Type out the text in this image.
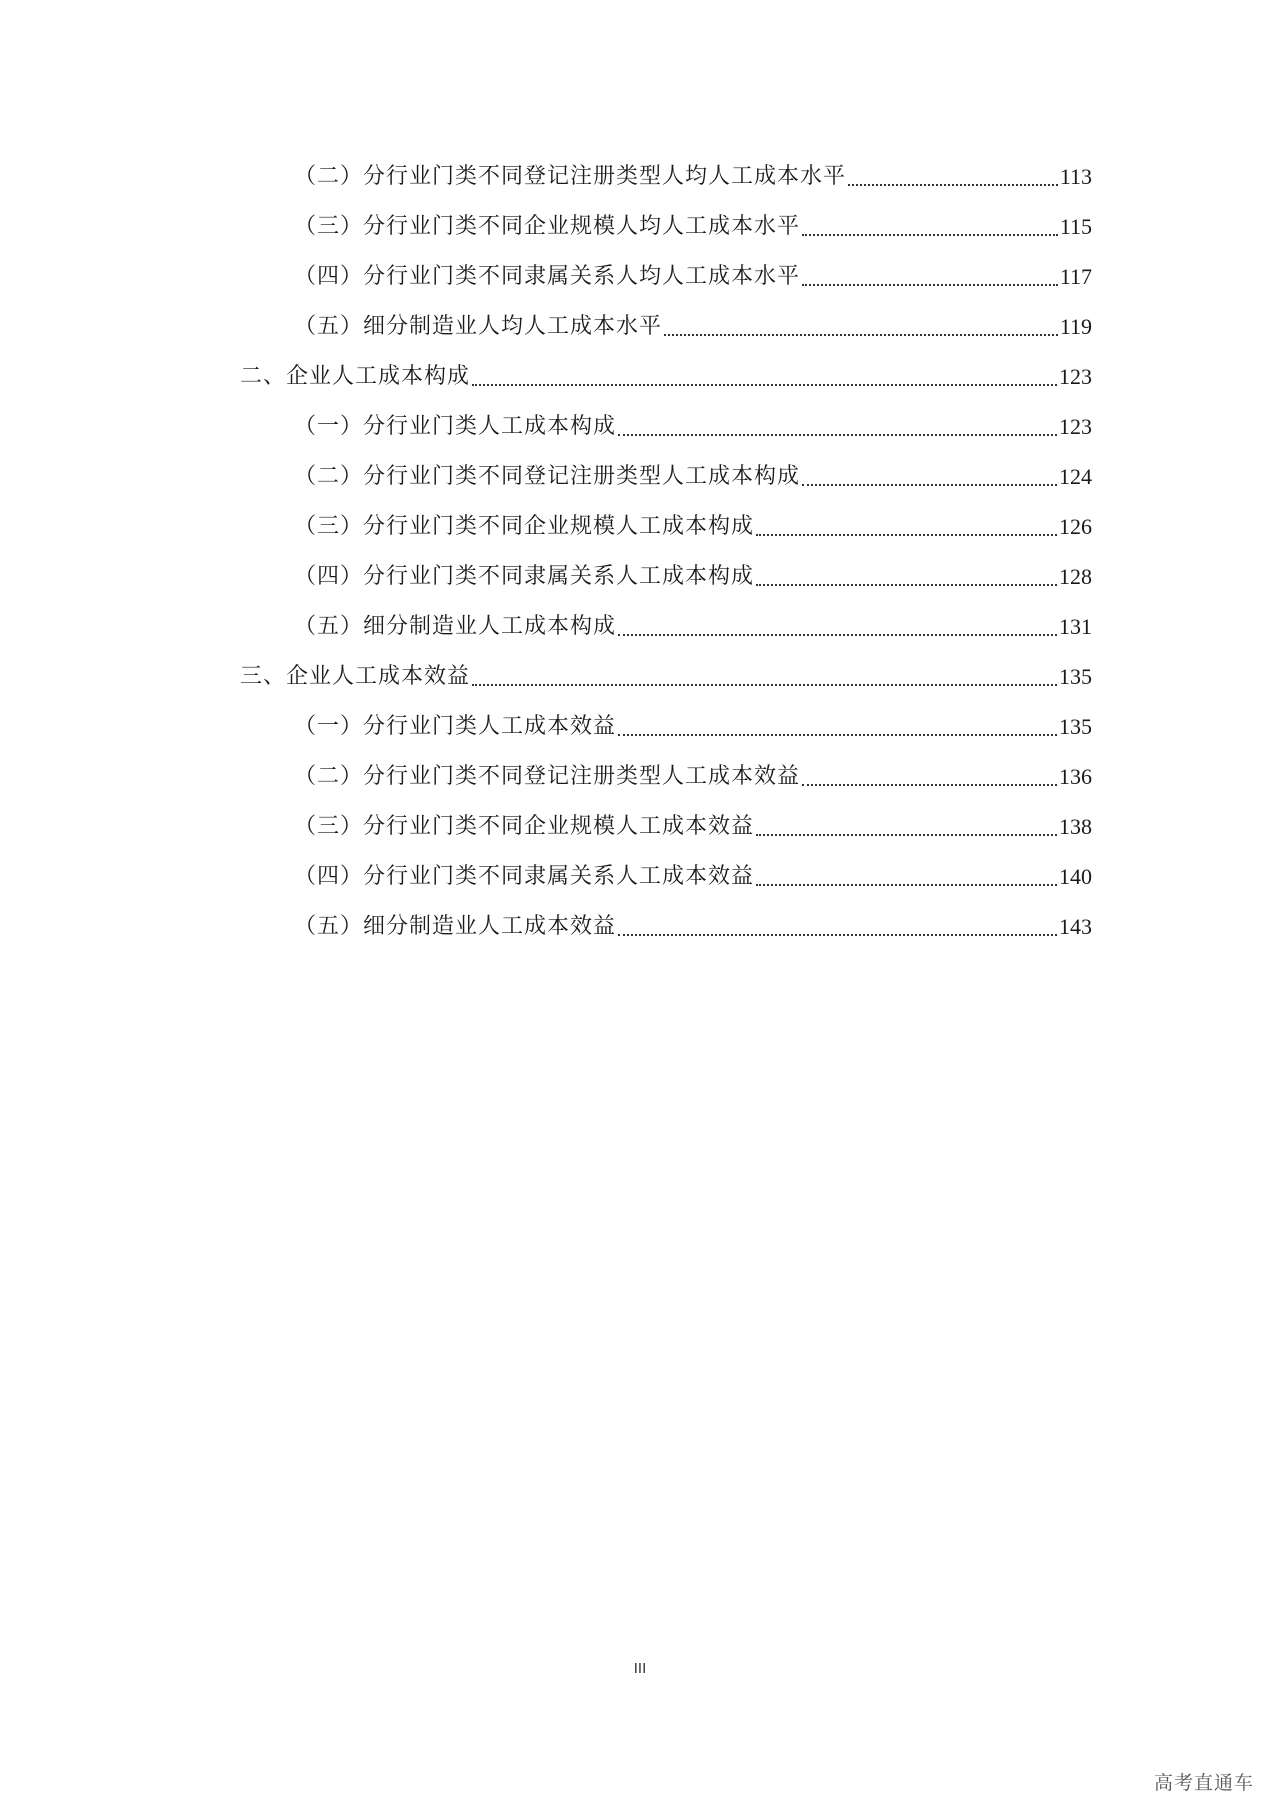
（二）分行业门类不同登记注册类型人均人工成本水平	113
（三）分行业门类不同企业规模人均人工成本水平	115
（四）分行业门类不同隶属关系人均人工成本水平	117
（五）细分制造业人均人工成本水平	119
二、企业人工成本构成	123
（一）分行业门类人工成本构成	123
（二）分行业门类不同登记注册类型人工成本构成	124
（三）分行业门类不同企业规模人工成本构成	126
（四）分行业门类不同隶属关系人工成本构成	128
（五）细分制造业人工成本构成	131
三、企业人工成本效益	135
（一）分行业门类人工成本效益	135
（二）分行业门类不同登记注册类型人工成本效益	136
（三）分行业门类不同企业规模人工成本效益	138
（四）分行业门类不同隶属关系人工成本效益	140
（五）细分制造业人工成本效益	143
III
高考直通车
